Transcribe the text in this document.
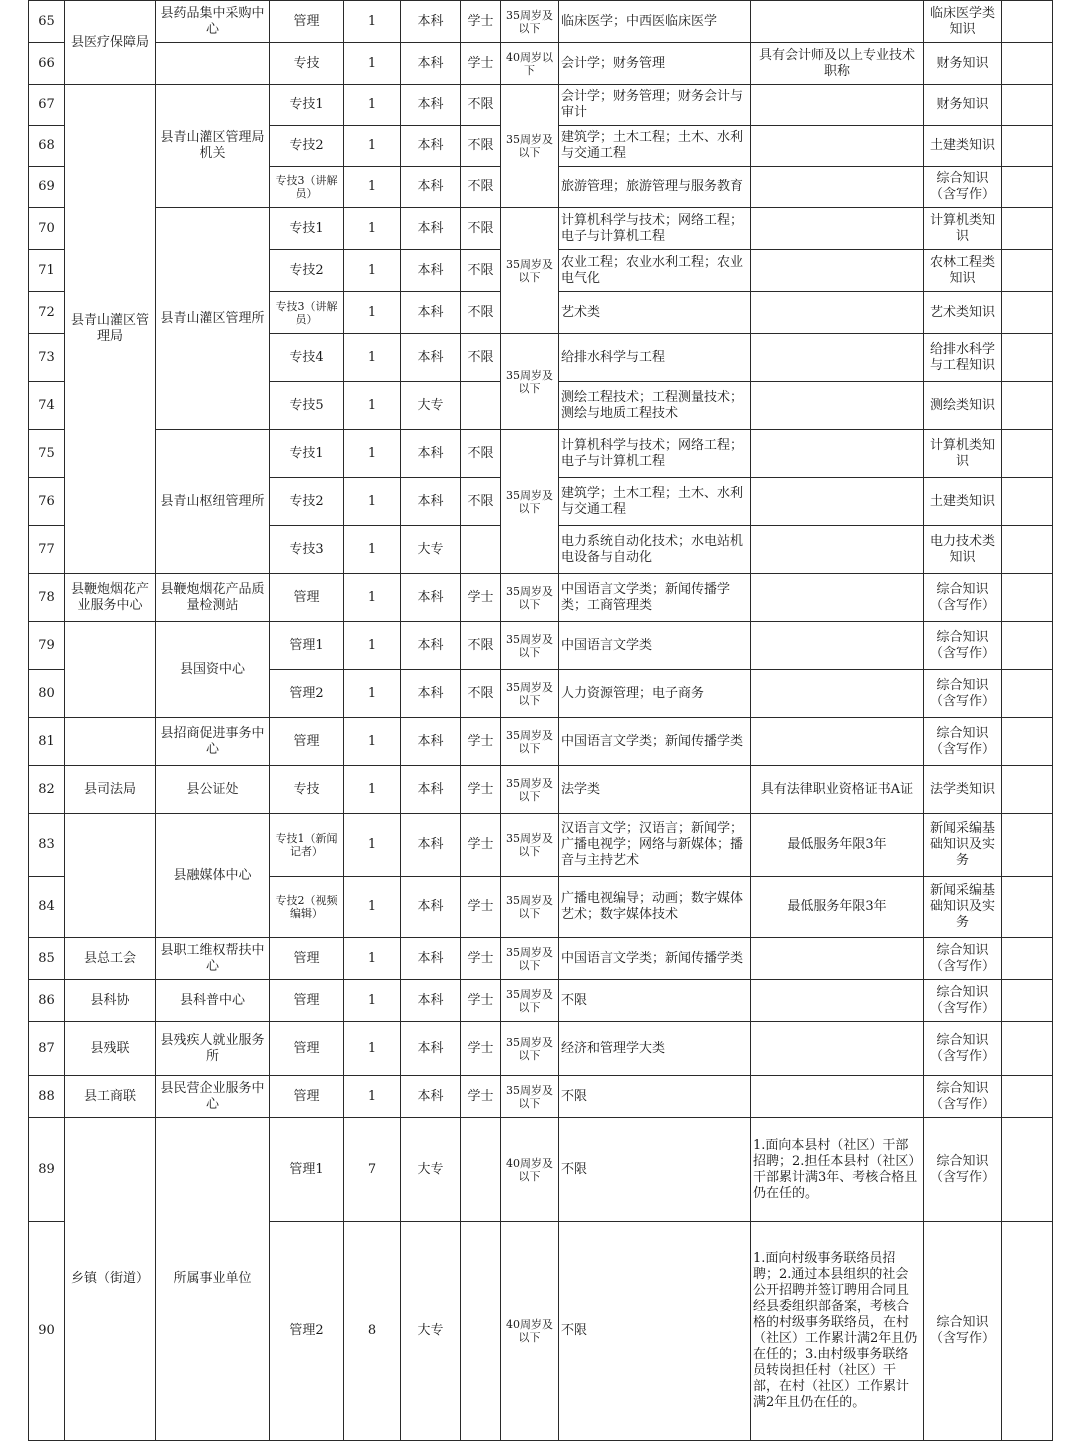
65	县医疗保障局	县药品集中采购中心	管理	1	本科	学士	35周岁及以下	临床医学；中西医临床医学		临床医学类知识	
66			专技	1	本科	学士	40周岁以下	会计学；财务管理	具有会计师及以上专业技术职称	财务知识	
67	县青山灌区管理局	县青山灌区管理局机关	专技1	1	本科	不限	35周岁及以下	会计学；财务管理；财务会计与审计		财务知识	
68			专技2	1	本科	不限		建筑学；土木工程；土木、水利与交通工程		土建类知识	
69			专技3（讲解员）	1	本科	不限		旅游管理；旅游管理与服务教育		综合知识（含写作）	
70		县青山灌区管理所	专技1	1	本科	不限	35周岁及以下	计算机科学与技术；网络工程；电子与计算机工程		计算机类知识	
71			专技2	1	本科	不限		农业工程；农业水利工程；农业电气化		农林工程类知识	
72			专技3（讲解员）	1	本科	不限		艺术类		艺术类知识	
73			专技4	1	本科	不限	35周岁及以下	给排水科学与工程		给排水科学与工程知识	
74			专技5	1	大专			测绘工程技术；工程测量技术；测绘与地质工程技术		测绘类知识	
75		县青山枢纽管理所	专技1	1	本科	不限	35周岁及以下	计算机科学与技术；网络工程；电子与计算机工程		计算机类知识	
76			专技2	1	本科	不限		建筑学；土木工程；土木、水利与交通工程		土建类知识	
77			专技3	1	大专			电力系统自动化技术；水电站机电设备与自动化		电力技术类知识	
78	县鞭炮烟花产业服务中心	县鞭炮烟花产品质量检测站	管理	1	本科	学士	35周岁及以下	中国语言文学类；新闻传播学类；工商管理类		综合知识（含写作）	
79		县国资中心	管理1	1	本科	不限	35周岁及以下	中国语言文学类		综合知识（含写作）	
80			管理2	1	本科	不限	35周岁及以下	人力资源管理；电子商务		综合知识（含写作）	
81		县招商促进事务中心	管理	1	本科	学士	35周岁及以下	中国语言文学类；新闻传播学类		综合知识（含写作）	
82	县司法局	县公证处	专技	1	本科	学士	35周岁及以下	法学类	具有法律职业资格证书A证	法学类知识	
83		县融媒体中心	专技1（新闻记者）	1	本科	学士	35周岁及以下	汉语言文学；汉语言；新闻学；广播电视学；网络与新媒体；播音与主持艺术	最低服务年限3年	新闻采编基础知识及实务	
84			专技2（视频编辑）	1	本科	学士	35周岁及以下	广播电视编导；动画；数字媒体艺术；数字媒体技术	最低服务年限3年	新闻采编基础知识及实务	
85	县总工会	县职工维权帮扶中心	管理	1	本科	学士	35周岁及以下	中国语言文学类；新闻传播学类		综合知识（含写作）	
86	县科协	县科普中心	管理	1	本科	学士	35周岁及以下	不限		综合知识（含写作）	
87	县残联	县残疾人就业服务所	管理	1	本科	学士	35周岁及以下	经济和管理学大类		综合知识（含写作）	
88	县工商联	县民营企业服务中心	管理	1	本科	学士	35周岁及以下	不限		综合知识（含写作）	
89	乡镇（街道）	所属事业单位	管理1	7	大专		40周岁及以下	不限	1.面向本县村（社区）干部招聘；2.担任本县村（社区）干部累计满3年、考核合格且仍在任的。	综合知识（含写作）	
90			管理2	8	大专		40周岁及以下	不限	1.面向村级事务联络员招聘；2.通过本县组织的社会公开招聘并签订聘用合同且经县委组织部备案，考核合格的村级事务联络员，在村（社区）工作累计满2年且仍在任的；3.由村级事务联络员转岗担任村（社区）干部，在村（社区）工作累计满2年且仍在任的。	综合知识（含写作）	
